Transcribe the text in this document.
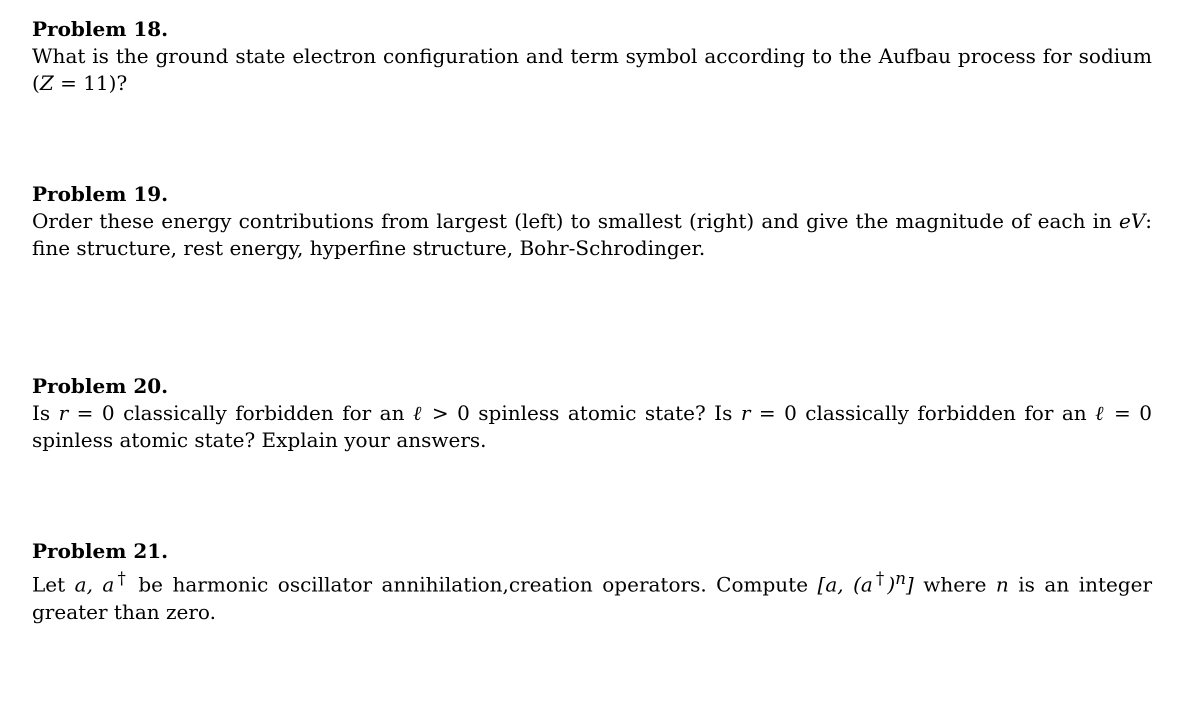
Problem 18.

What is the ground state electron configuration and term symbol according to the Aufbau process for sodium (Z = 11)?

Problem 19.

Order these energy contributions from largest (left) to smallest (right) and give the magnitude of each in eV: fine structure, rest energy, hyperfine structure, Bohr-Schrodinger.

Problem 20.

Is r = 0 classically forbidden for an ℓ > 0 spinless atomic state? Is r = 0 classically forbidden for an ℓ = 0 spinless atomic state? Explain your answers.

Problem 21.

Let a, a† be harmonic oscillator annihilation,creation operators. Compute [a, $(a^\dagger)^n$] where n is an integer greater than zero.
